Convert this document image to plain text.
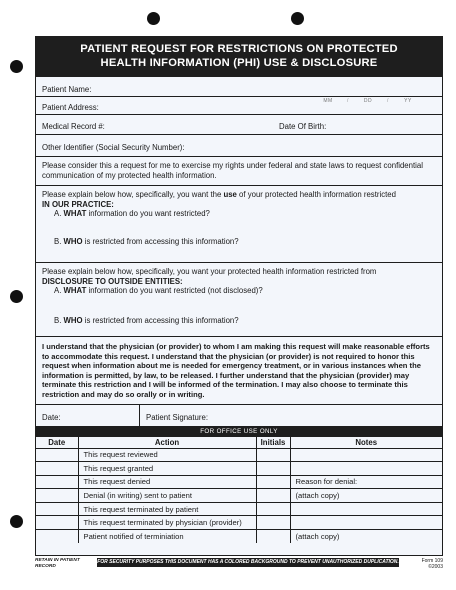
PATIENT REQUEST FOR RESTRICTIONS ON PROTECTED
HEALTH INFORMATION (PHI) USE & DISCLOSURE
Patient Name:
Patient Address:
MM	/	DD	/	YY
Medical Record #:	Date Of Birth:
Other Identifier (Social Security Number):
Please consider this a request for me to exercise my rights under federal and state laws to request confidential communication of my protected health information.
Please explain below how, specifically, you want the use of your protected health information restricted
IN OUR PRACTICE:
A. WHAT information do you want restricted?
B. WHO is restricted from accessing this information?
Please explain below how, specifically, you want your protected health information restricted from
DISCLOSURE TO OUTSIDE ENTITIES:
A. WHAT information do you want restricted (not disclosed)?
B. WHO is restricted from accessing this information?
I understand that the physician (or provider) to whom I am making this request will make reasonable efforts to accommodate this request. I understand that the physician (or provider) is not required to honor this request when information about me is needed for emergency treatment, or in various instances when the information is permitted, by law, to be released. I further understand that the physician (provider) may terminate this restriction and I will be informed of the termination. I may also choose to terminate this restriction and may do so orally or in writing.
Date:	Patient Signature:
FOR OFFICE USE ONLY
Date	Action	Initials	Notes
	This request reviewed		
	This request granted		
	This request denied		Reason for denial:
	Denial (in writing) sent to patient		(attach copy)
	This request terminated by patient		
	This request terminated by physician (provider)		
	Patient notified of terminiation		(attach copy)
RETAIN IN PATIENT
RECORD
FOR SECURITY PURPOSES THIS DOCUMENT HAS A COLORED BACKGROUND TO PREVENT UNAUTHORIZED DUPLICATION.	Form 109
©2003
